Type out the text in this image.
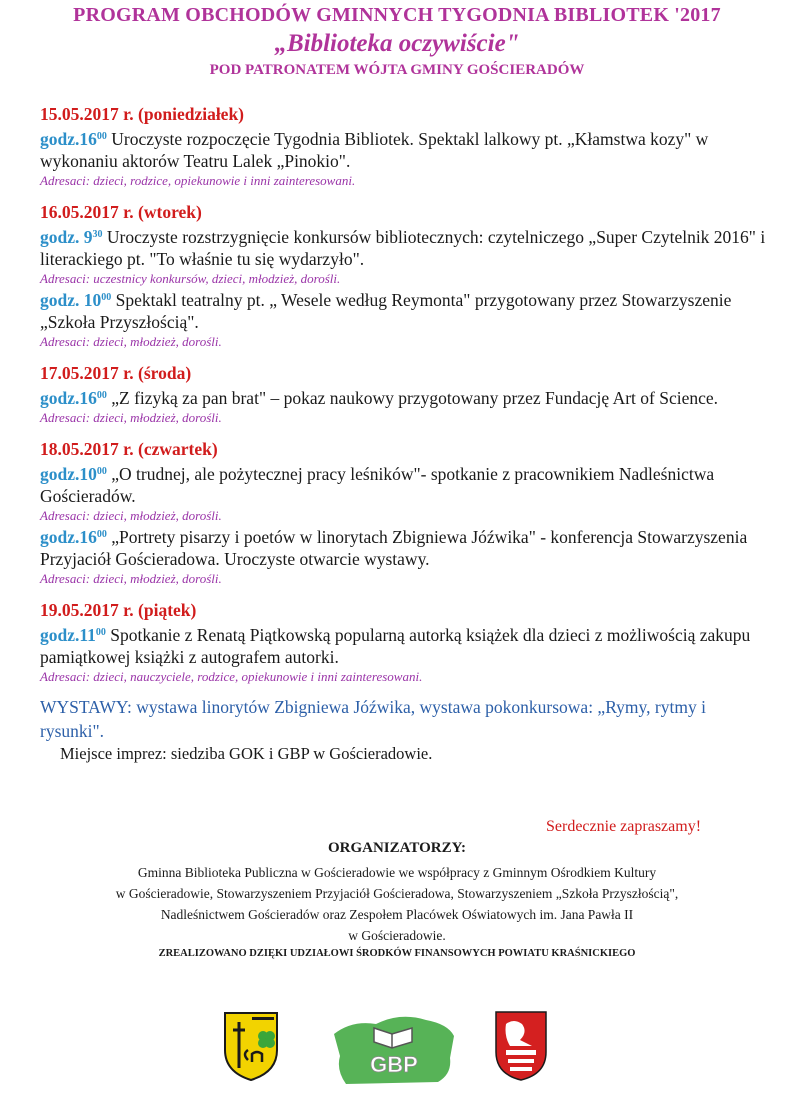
PROGRAM OBCHODÓW GMINNYCH TYGODNIA BIBLIOTEK '2017
„Biblioteka oczywiście"
POD PATRONATEM WÓJTA GMINY GOŚCIERADÓW
15.05.2017 r. (poniedziałek)
$godz.16^{00}$ Uroczyste rozpoczęcie Tygodnia Bibliotek. Spektakl lalkowy pt. „Kłamstwa kozy" w wykonaniu aktorów Teatru Lalek „Pinokio".
Adresaci: dzieci, rodzice, opiekunowie i inni zainteresowani.
16.05.2017 r. (wtorek)
godz. $9^{30}$ Uroczyste rozstrzygnięcie konkursów bibliotecznych: czytelniczego „Super Czytelnik 2016" i literackiego pt. "To właśnie tu się wydarzyło".
Adresaci: uczestnicy konkursów, dzieci, młodzież, dorośli.
godz. $10^{00}$ Spektakl teatralny pt. „ Wesele według Reymonta" przygotowany przez Stowarzyszenie „Szkoła Przyszłością".
Adresaci: dzieci, młodzież, dorośli.
17.05.2017 r. (środa)
$godz.16^{00}$ „Z fizyką za pan brat" – pokaz naukowy przygotowany przez Fundację Art of Science.
Adresaci: dzieci, młodzież, dorośli.
18.05.2017 r. (czwartek)
$godz.10^{00}$ „O trudnej, ale pożytecznej pracy leśników"- spotkanie z pracownikiem Nadleśnictwa Gościeradów.
Adresaci: dzieci, młodzież, dorośli.
$godz.16^{00}$ „Portrety pisarzy i poetów w linorytach Zbigniewa Jóźwika" - konferencja Stowarzyszenia Przyjaciół Gościeradowa. Uroczyste otwarcie wystawy.
Adresaci: dzieci, młodzież, dorośli.
19.05.2017 r. (piątek)
$godz.11^{00}$ Spotkanie z Renatą Piątkowską popularną autorką książek dla dzieci z możliwością zakupu pamiątkowej książki z autografem autorki.
Adresaci: dzieci, nauczyciele, rodzice, opiekunowie i inni zainteresowani.
WYSTAWY: wystawa linorytów Zbigniewa Jóźwika, wystawa pokonkursowa: „Rymy, rytmy i rysunki".
Miejsce imprez: siedziba GOK i GBP w Gościeradowie.
Serdecznie zapraszamy!
ORGANIZATORZY:
Gminna Biblioteka Publiczna w Gościeradowie we współpracy z Gminnym Ośrodkiem Kultury
w Gościeradowie, Stowarzyszeniem Przyjaciół Gościeradowa, Stowarzyszeniem „Szkoła Przyszłością",
Nadleśnictwem Gościeradów oraz Zespołem Placówek Oświatowych im. Jana Pawła II
w Gościeradowie.
ZREALIZOWANO DZIĘKI UDZIAŁOWI ŚRODKÓW FINANSOWYCH POWIATU KRAŚNICKIEGO
GBP
